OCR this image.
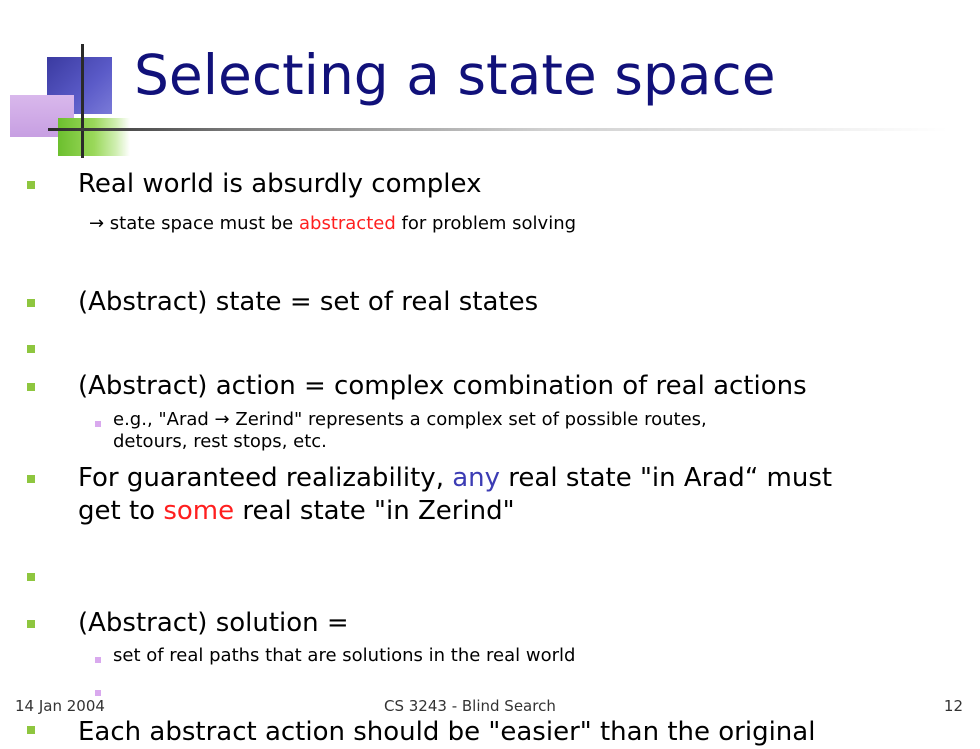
Selecting a state space
Real world is absurdly complex
→ state space must be abstracted for problem solving
(Abstract) state = set of real states
(Abstract) action = complex combination of real actions
e.g., "Arad → Zerind" represents a complex set of possible routes,
detours, rest stops, etc.
For guaranteed realizability, any real state "in Arad“ must
get to some real state "in Zerind"
(Abstract) solution =
set of real paths that are solutions in the real world
Each abstract action should be "easier" than the original
14 Jan 2004	CS 3243 - Blind Search	12
